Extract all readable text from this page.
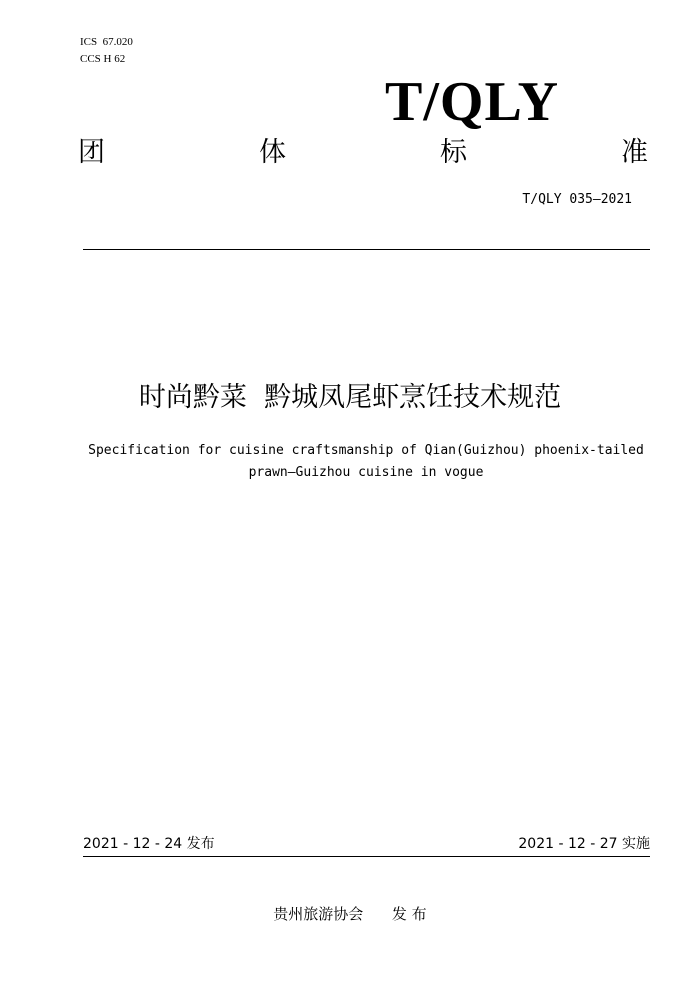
ICS  67.020
CCS H 62
T/QLY
团	体	标	准
T/QLY 035—2021
时尚黔菜  黔城凤尾虾烹饪技术规范
Specification for cuisine craftsmanship of Qian(Guizhou) phoenix-tailed prawn—Guizhou cuisine in vogue
2021 - 12 - 24 发布	2021 - 12 - 27 实施
贵州旅游协会      发 布
